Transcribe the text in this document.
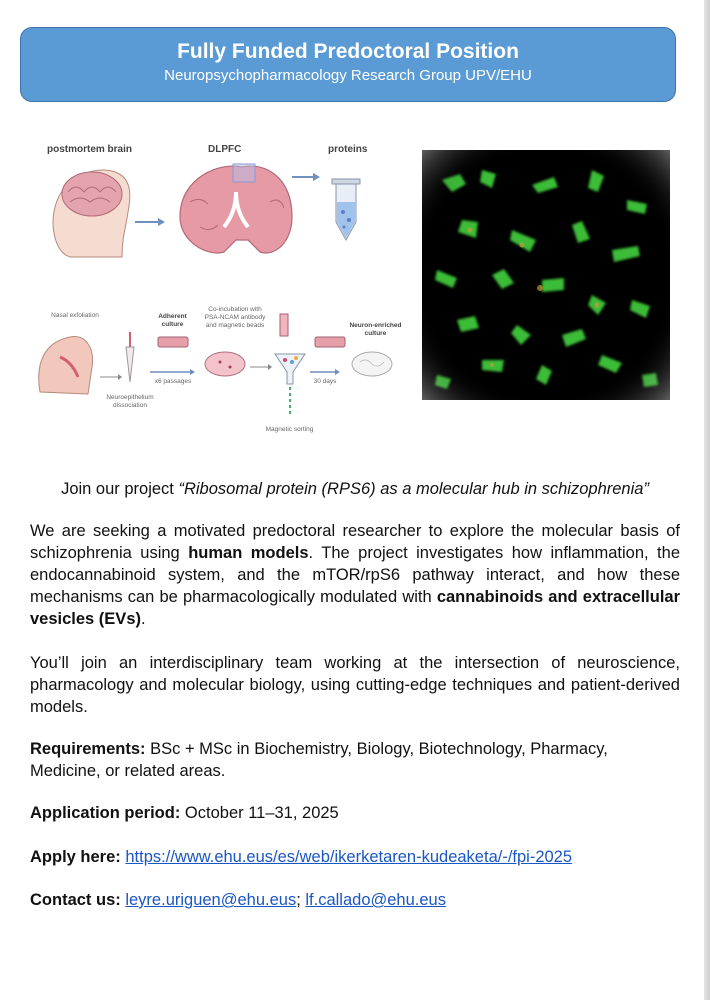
Fully Funded Predoctoral Position
Neuropsychopharmacology Research Group UPV/EHU
postmortem brain	DLPFC	proteins
Nasal exfoliation	Adherent culture
Co-incubation with PSA-NCAM antibody and magnetic beads	Neuron-enriched culture
x6 passages	30 days
Neuroepithelium dissociation
Magnetic sorting
Join our project “Ribosomal protein (RPS6) as a molecular hub in schizophrenia”
We are seeking a motivated predoctoral researcher to explore the molecular basis of schizophrenia using human models. The project investigates how inflammation, the endocannabinoid system, and the mTOR/rpS6 pathway interact, and how these mechanisms can be pharmacologically modulated with cannabinoids and extracellular vesicles (EVs).
You’ll join an interdisciplinary team working at the intersection of neuroscience, pharmacology and molecular biology, using cutting-edge techniques and patient-derived models.
Requirements: BSc + MSc in Biochemistry, Biology, Biotechnology, Pharmacy, Medicine, or related areas.
Application period: October 11–31, 2025
Apply here: https://www.ehu.eus/es/web/ikerketaren-kudeaketa/-/fpi-2025
Contact us: leyre.uriguen@ehu.eus; lf.callado@ehu.eus
